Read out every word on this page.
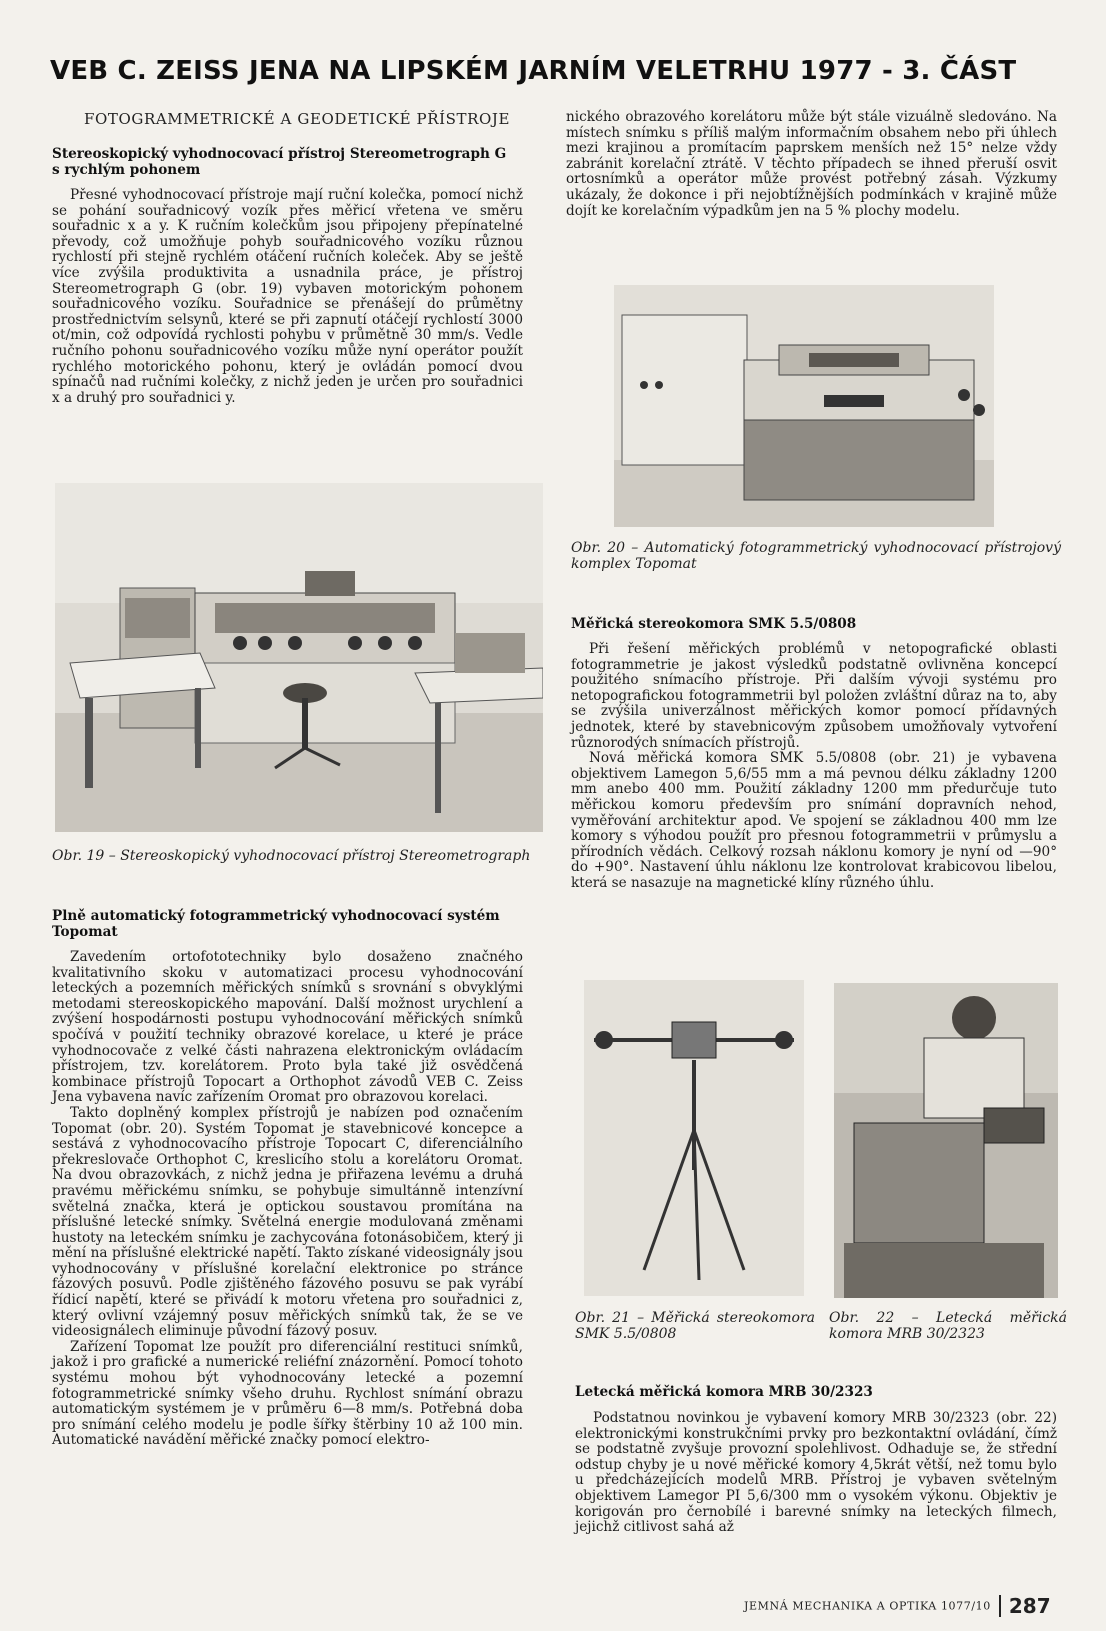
VEB C. ZEISS JENA NA LIPSKÉM JARNÍM VELETRHU 1977 - 3. ČÁST
FOTOGRAMMETRICKÉ A GEODETICKÉ PŘÍSTROJE
Stereoskopický vyhodnocovací přístroj Stereometrograph G s rychlým pohonem

Přesné vyhodnocovací přístroje mají ruční kolečka, pomocí nichž se pohání souřadnicový vozík přes měřicí vřetena ve směru souřadnic x a y. K ručním kolečkům jsou připojeny přepínatelné převody, což umožňuje pohyb souřadnicového vozíku různou rychlostí při stejně rychlém otáčení ručních koleček. Aby se ještě více zvýšila produktivita a usnadnila práce, je přístroj Stereometrograph G (obr. 19) vybaven motorickým pohonem souřadnicového vozíku. Souřadnice se přenášejí do průmětny prostřednictvím selsynů, které se při zapnutí otáčejí rychlostí 3000 ot/min, což odpovídá rychlosti pohybu v průmětně 30 mm/s. Vedle ručního pohonu souřadnicového vozíku může nyní operátor použít rychlého motorického pohonu, který je ovládán pomocí dvou spínačů nad ručními kolečky, z nichž jeden je určen pro souřadnici x a druhý pro souřadnici y.

Obr. 19 – Stereoskopický vyhodnocovací přístroj Stereometrograph
Plně automatický fotogrammetrický vyhodnocovací systém Topomat

Zavedením ortofototechniky bylo dosaženo značného kvalitativního skoku v automatizaci procesu vyhodnocování leteckých a pozemních měřických snímků s srovnání s obvyklými metodami stereoskopického mapování. Další možnost urychlení a zvýšení hospodárnosti postupu vyhodnocování měřických snímků spočívá v použití techniky obrazové korelace, u které je práce vyhodnocovače z velké části nahrazena elektronickým ovládacím přístrojem, tzv. korelátorem. Proto byla také již osvědčená kombinace přístrojů Topocart a Orthophot závodů VEB C. Zeiss Jena vybavena navíc zařízením Oromat pro obrazovou korelaci.

Takto doplněný komplex přístrojů je nabízen pod označením Topomat (obr. 20). Systém Topomat je stavebnicové koncepce a sestává z vyhodnocovacího přístroje Topocart C, diferenciálního překreslovače Orthophot C, kreslicího stolu a korelátoru Oromat. Na dvou obrazovkách, z nichž jedna je přiřazena levému a druhá pravému měřickému snímku, se pohybuje simultánně intenzívní světelná značka, která je optickou soustavou promítána na příslušné letecké snímky. Světelná energie modulovaná změnami hustoty na leteckém snímku je zachycována fotonásobičem, který ji mění na příslušné elektrické napětí. Takto získané videosignály jsou vyhodnocovány v příslušné korelační elektronice po stránce fázových posuvů. Podle zjištěného fázového posuvu se pak vyrábí řídicí napětí, které se přivádí k motoru vřetena pro souřadnici z, který ovlivní vzájemný posuv měřických snímků tak, že se ve videosignálech eliminuje původní fázový posuv.

Zařízení Topomat lze použít pro diferenciální restituci snímků, jakož i pro grafické a numerické reliéfní znázornění. Pomocí tohoto systému mohou být vyhodnocovány letecké a pozemní fotogrammetrické snímky všeho druhu. Rychlost snímání obrazu automatickým systémem je v průměru 6—8 mm/s. Potřebná doba pro snímání celého modelu je podle šířky štěrbiny 10 až 100 min. Automatické navádění měřické značky pomocí elektro-

nického obrazového korelátoru může být stále vizuálně sledováno. Na místech snímku s příliš malým informačním obsahem nebo při úhlech mezi krajinou a promítacím paprskem menších než 15° nelze vždy zabránit korelační ztrátě. V těchto případech se ihned přeruší osvit ortosnímků a operátor může provést potřebný zásah. Výzkumy ukázaly, že dokonce i při nejobtížnějších podmínkách v krajině může dojít ke korelačním výpadkům jen na 5 % plochy modelu.

Obr. 20 – Automatický fotogrammetrický vyhodnocovací přístrojový komplex Topomat
Měřická stereokomora SMK 5.5/0808

Při řešení měřických problémů v netopografické oblasti fotogrammetrie je jakost výsledků podstatně ovlivněna koncepcí použitého snímacího přístroje. Při dalším vývoji systému pro netopografickou fotogrammetrii byl položen zvláštní důraz na to, aby se zvýšila univerzálnost měřických komor pomocí přídavných jednotek, které by stavebnicovým způsobem umožňovaly vytvoření různorodých snímacích přístrojů.

Nová měřická komora SMK 5.5/0808 (obr. 21) je vybavena objektivem Lamegon 5,6/55 mm a má pevnou délku základny 1200 mm anebo 400 mm. Použití základny 1200 mm předurčuje tuto měřickou komoru především pro snímání dopravních nehod, vyměřování architektur apod. Ve spojení se základnou 400 mm lze komory s výhodou použít pro přesnou fotogrammetrii v průmyslu a přírodních vědách. Celkový rozsah náklonu komory je nyní od —90° do +90°. Nastavení úhlu náklonu lze kontrolovat krabicovou libelou, která se nasazuje na magnetické klíny různého úhlu.

Obr. 21 – Měřická stereokomora SMK 5.5/0808
Obr. 22 – Letecká měřická komora MRB 30/2323
Letecká měřická komora MRB 30/2323

Podstatnou novinkou je vybavení komory MRB 30/2323 (obr. 22) elektronickými konstrukčními prvky pro bezkontaktní ovládání, čímž se podstatně zvyšuje provozní spolehlivost. Odhaduje se, že střední odstup chyby je u nové měřické komory 4,5krát větší, než tomu bylo u předcházejících modelů MRB. Přístroj je vybaven světelným objektivem Lamegor PI 5,6/300 mm o vysokém výkonu. Objektiv je korigován pro černobílé i barevné snímky na leteckých filmech, jejichž citlivost sahá až

JEMNÁ MECHANIKA A OPTIKA 1077/10 287
